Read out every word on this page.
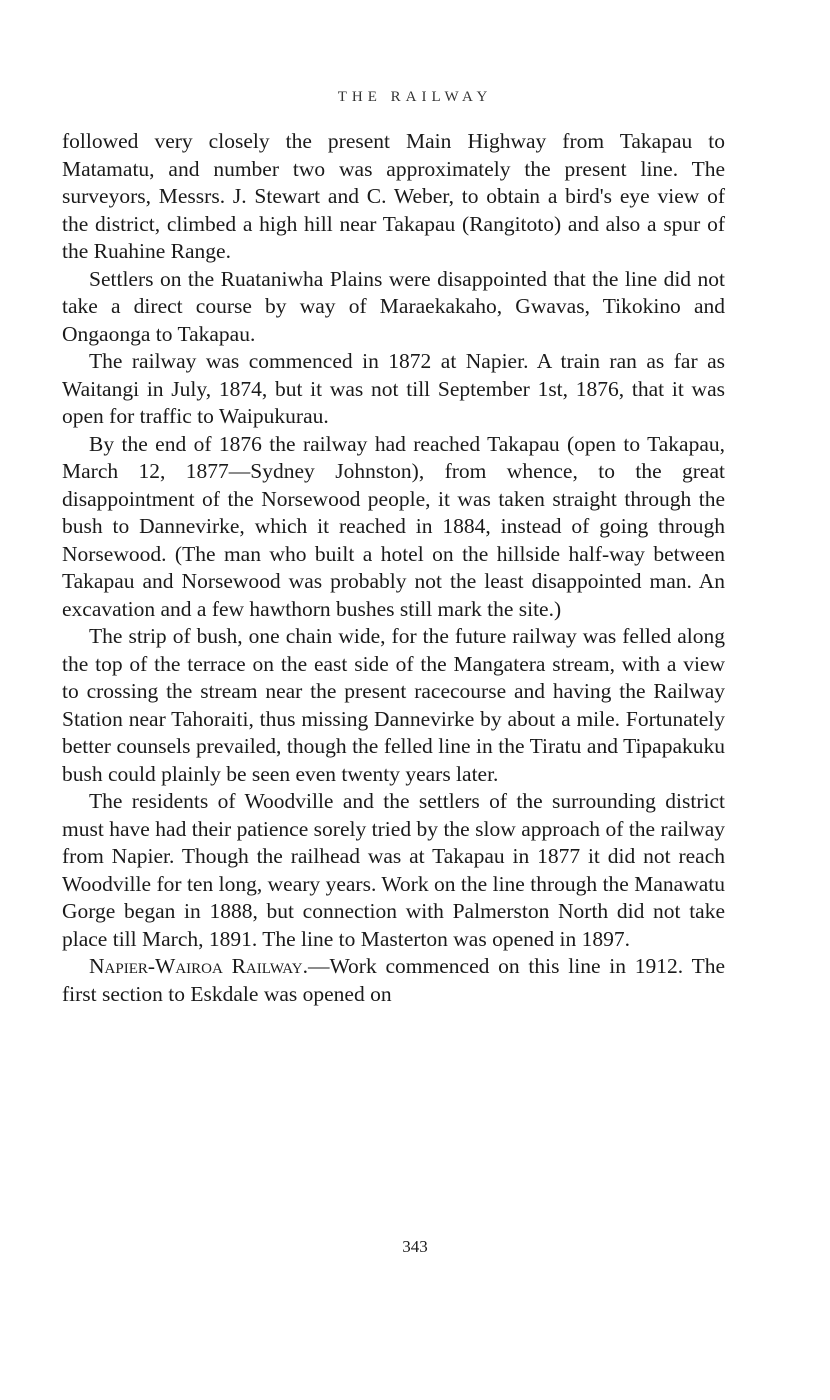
THE RAILWAY

followed very closely the present Main Highway from Takapau to Matamatu, and number two was approximately the present line. The surveyors, Messrs. J. Stewart and C. Weber, to obtain a bird's eye view of the district, climbed a high hill near Takapau (Rangitoto) and also a spur of the Ruahine Range.

Settlers on the Ruataniwha Plains were disappointed that the line did not take a direct course by way of Maraekakaho, Gwavas, Tikokino and Ongaonga to Takapau.

The railway was commenced in 1872 at Napier. A train ran as far as Waitangi in July, 1874, but it was not till September 1st, 1876, that it was open for traffic to Waipukurau.

By the end of 1876 the railway had reached Takapau (open to Takapau, March 12, 1877—Sydney Johnston), from whence, to the great disappointment of the Norsewood people, it was taken straight through the bush to Dannevirke, which it reached in 1884, instead of going through Norsewood. (The man who built a hotel on the hillside half-way between Takapau and Norsewood was probably not the least disappointed man. An excavation and a few hawthorn bushes still mark the site.)

The strip of bush, one chain wide, for the future railway was felled along the top of the terrace on the east side of the Mangatera stream, with a view to crossing the stream near the present racecourse and having the Railway Station near Tahoraiti, thus missing Dannevirke by about a mile. Fortunately better counsels prevailed, though the felled line in the Tiratu and Tipapakuku bush could plainly be seen even twenty years later.

The residents of Woodville and the settlers of the surrounding district must have had their patience sorely tried by the slow approach of the railway from Napier. Though the railhead was at Takapau in 1877 it did not reach Woodville for ten long, weary years. Work on the line through the Manawatu Gorge began in 1888, but connection with Palmerston North did not take place till March, 1891. The line to Masterton was opened in 1897.

Napier-Wairoa Railway.—Work commenced on this line in 1912. The first section to Eskdale was opened on

343
